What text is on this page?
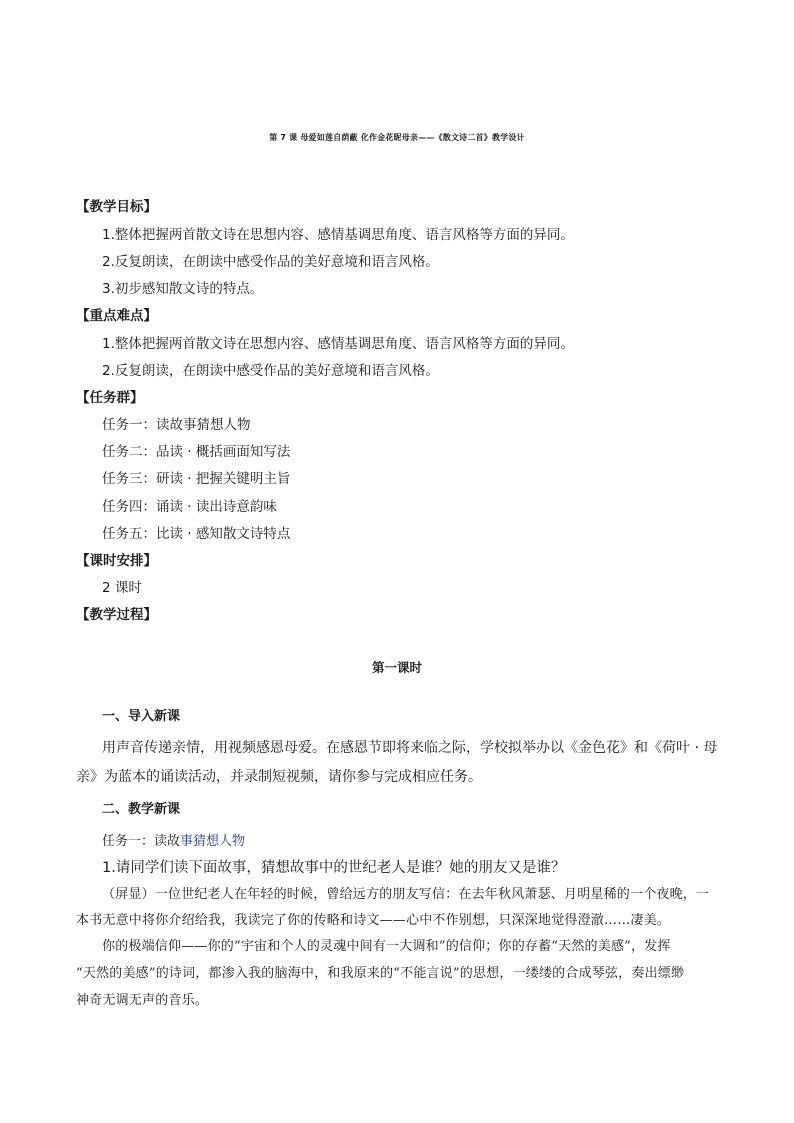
第 7 课 母爱如莲自荫蔽 化作金花昵母亲——《散文诗二首》教学设计
【教学目标】
1.整体把握两首散文诗在思想内容、感情基调思角度、语言风格等方面的异同。
2.反复朗读，在朗读中感受作品的美好意境和语言风格。
3.初步感知散文诗的特点。
【重点难点】
1.整体把握两首散文诗在思想内容、感情基调思角度、语言风格等方面的异同。
2.反复朗读，在朗读中感受作品的美好意境和语言风格。
【任务群】
任务一：读故事猜想人物
任务二：品读 · 概括画面知写法
任务三：研读 · 把握关键明主旨
任务四：诵读 · 读出诗意韵味
任务五：比读 · 感知散文诗特点
【课时安排】
2 课时
【教学过程】
第一课时
一、导入新课
用声音传递亲情，用视频感恩母爱。在感恩节即将来临之际，学校拟举办以《金色花》和《荷叶 · 母
亲》为蓝本的诵读活动，并录制短视频，请你参与完成相应任务。
二、教学新课
任务一：读故事猜想人物
1.请同学们读下面故事，猜想故事中的世纪老人是谁？她的朋友又是谁？
（屏显）一位世纪老人在年轻的时候，曾给远方的朋友写信：在去年秋风萧瑟、月明星稀的一个夜晚，一
本书无意中将你介绍给我，我读完了你的传略和诗文——心中不作别想，只深深地觉得澄澈……凄美。
你的极端信仰——你的“宇宙和个人的灵魂中间有一大调和”的信仰；你的存蓄“天然的美感”，发挥
“天然的美感”的诗词，都渗入我的脑海中，和我原来的“不能言说”的思想，一缕缕的合成琴弦，奏出缥缈
神奇无调无声的音乐。
